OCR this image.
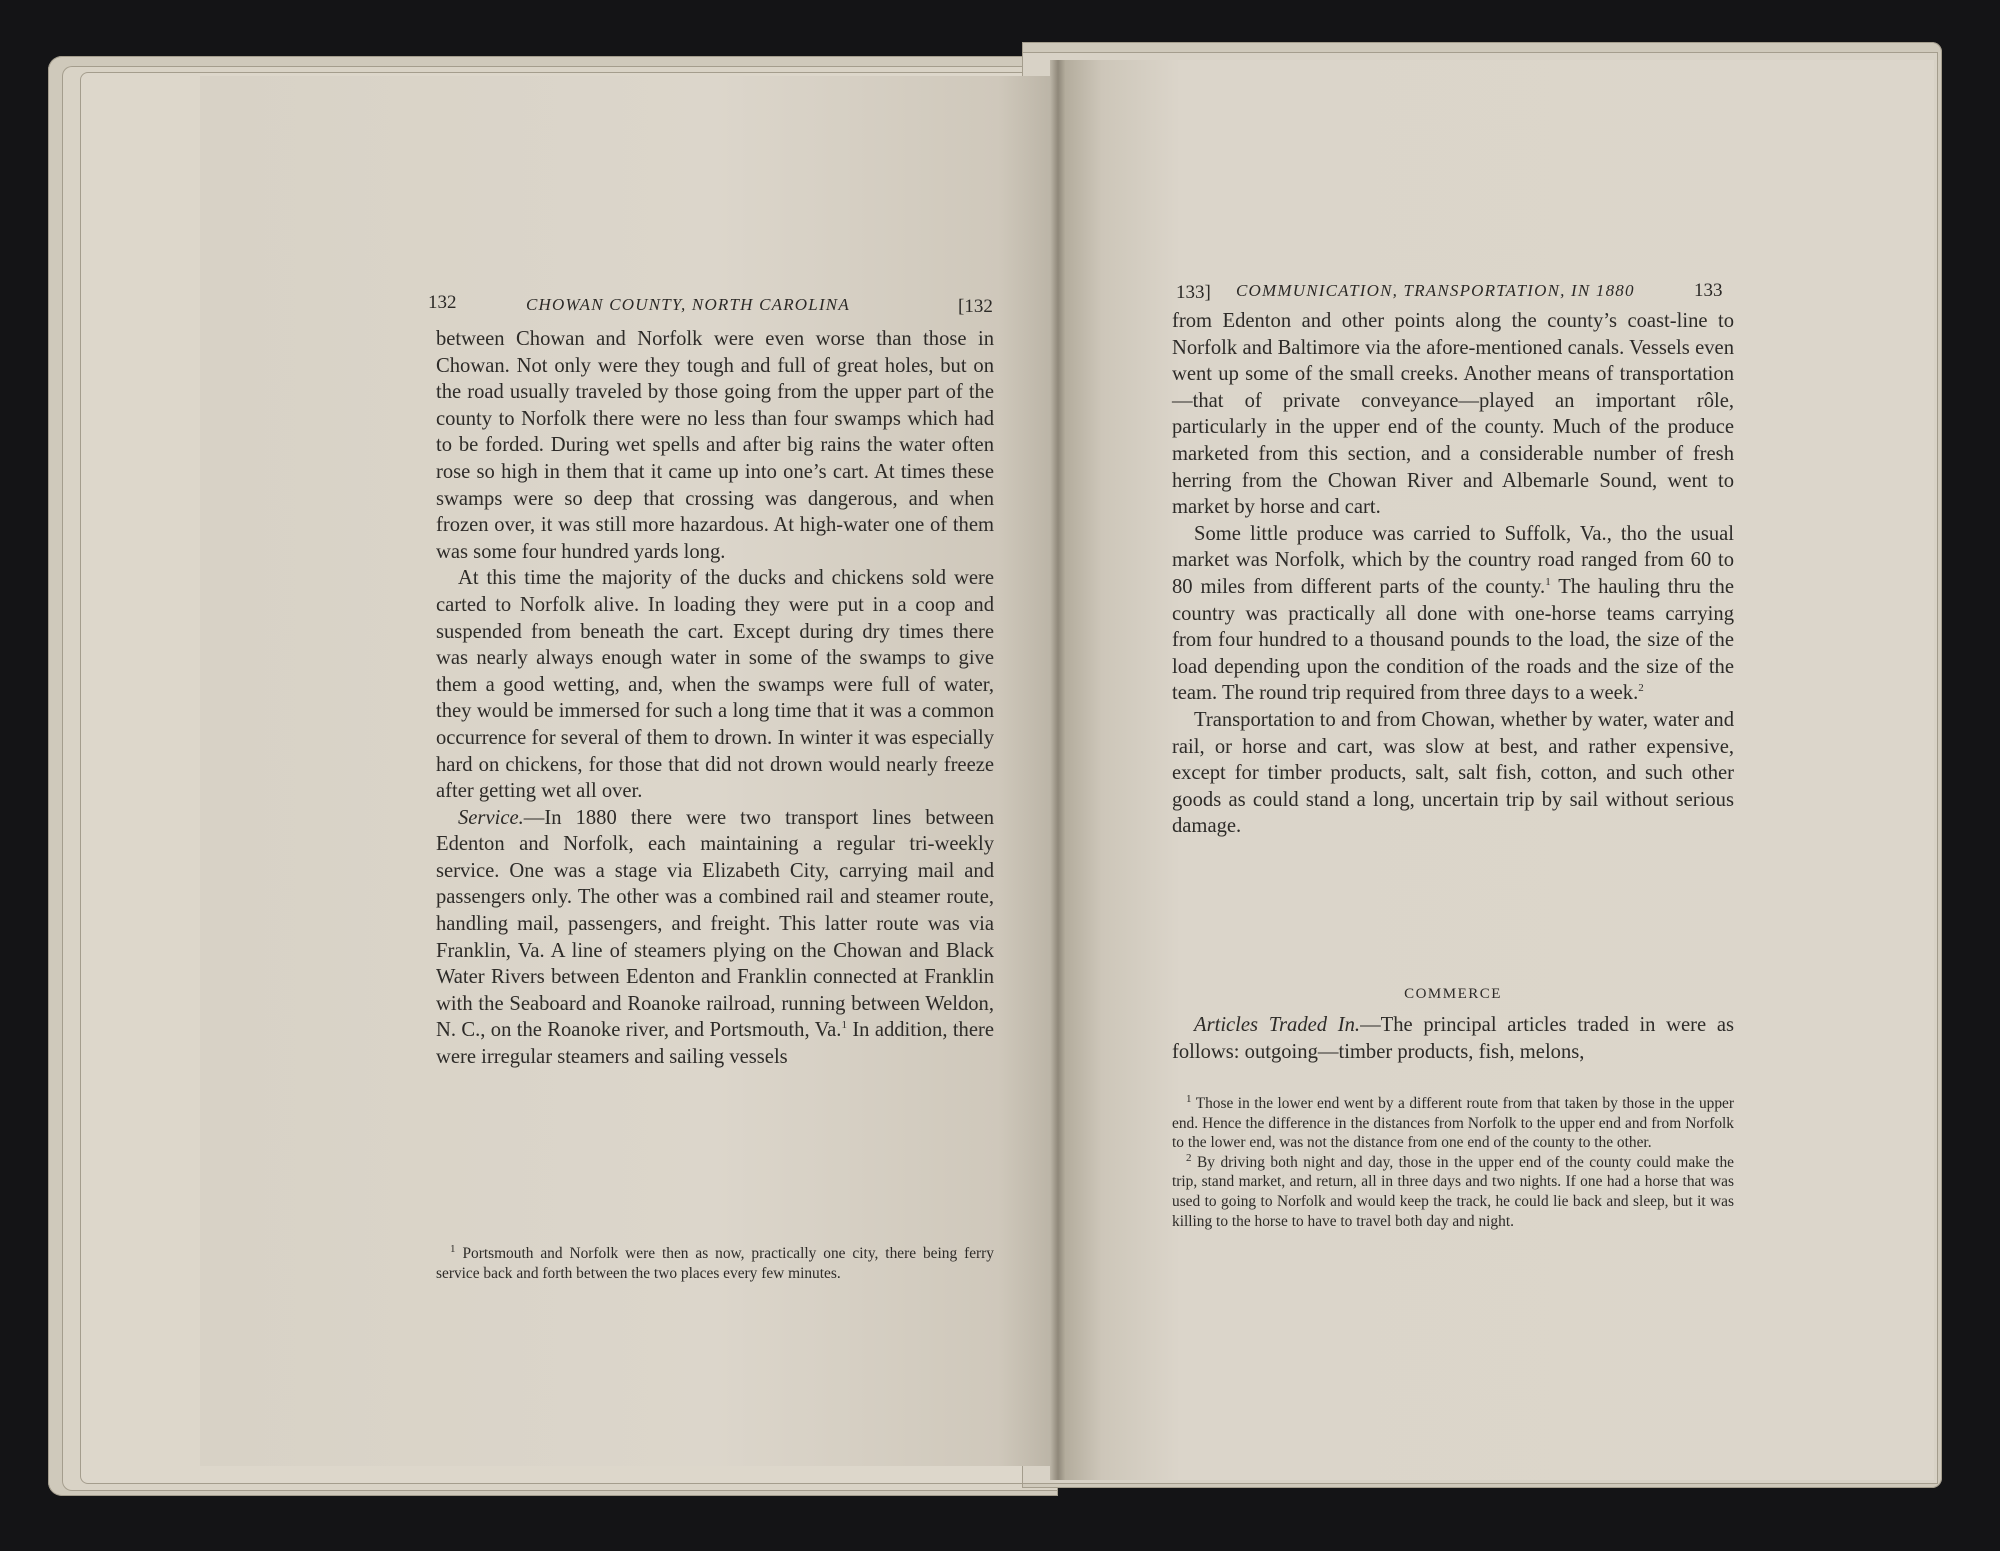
132	CHOWAN COUNTY, NORTH CAROLINA	[132

between Chowan and Norfolk were even worse than those in Chowan. Not only were they tough and full of great holes, but on the road usually traveled by those going from the upper part of the county to Norfolk there were no less than four swamps which had to be forded. During wet spells and after big rains the water often rose so high in them that it came up into one’s cart. At times these swamps were so deep that crossing was dangerous, and when frozen over, it was still more hazardous. At high-water one of them was some four hundred yards long.

At this time the majority of the ducks and chickens sold were carted to Norfolk alive. In loading they were put in a coop and suspended from beneath the cart. Except during dry times there was nearly always enough water in some of the swamps to give them a good wetting, and, when the swamps were full of water, they would be immersed for such a long time that it was a common occurrence for several of them to drown. In winter it was especially hard on chickens, for those that did not drown would nearly freeze after getting wet all over.

Service.—In 1880 there were two transport lines between Edenton and Norfolk, each maintaining a regular tri-weekly service. One was a stage via Elizabeth City, carrying mail and passengers only. The other was a combined rail and steamer route, handling mail, passengers, and freight. This latter route was via Franklin, Va. A line of steamers plying on the Chowan and Black Water Rivers between Edenton and Franklin connected at Franklin with the Seaboard and Roanoke railroad, running between Weldon, N. C., on the Roanoke river, and Portsmouth, Va.$^1$ In addition, there were irregular steamers and sailing vessels

$^1$ Portsmouth and Norfolk were then as now, practically one city, there being ferry service back and forth between the two places every few minutes.

133] COMMUNICATION, TRANSPORTATION, IN 1880	133

from Edenton and other points along the county’s coast-line to Norfolk and Baltimore via the afore-mentioned canals. Vessels even went up some of the small creeks. Another means of transportation—that of private conveyance—played an important rôle, particularly in the upper end of the county. Much of the produce marketed from this section, and a considerable number of fresh herring from the Chowan River and Albemarle Sound, went to market by horse and cart.

Some little produce was carried to Suffolk, Va., tho the usual market was Norfolk, which by the country road ranged from 60 to 80 miles from different parts of the county.$^1$ The hauling thru the country was practically all done with one-horse teams carrying from four hundred to a thousand pounds to the load, the size of the load depending upon the condition of the roads and the size of the team. The round trip required from three days to a week.$^2$

Transportation to and from Chowan, whether by water, water and rail, or horse and cart, was slow at best, and rather expensive, except for timber products, salt, salt fish, cotton, and such other goods as could stand a long, uncertain trip by sail without serious damage.

COMMERCE

Articles Traded In.—The principal articles traded in were as follows: outgoing—timber products, fish, melons,

$^1$ Those in the lower end went by a different route from that taken by those in the upper end. Hence the difference in the distances from Norfolk to the upper end and from Norfolk to the lower end, was not the distance from one end of the county to the other.

$^2$ By driving both night and day, those in the upper end of the county could make the trip, stand market, and return, all in three days and two nights. If one had a horse that was used to going to Norfolk and would keep the track, he could lie back and sleep, but it was killing to the horse to have to travel both day and night.
